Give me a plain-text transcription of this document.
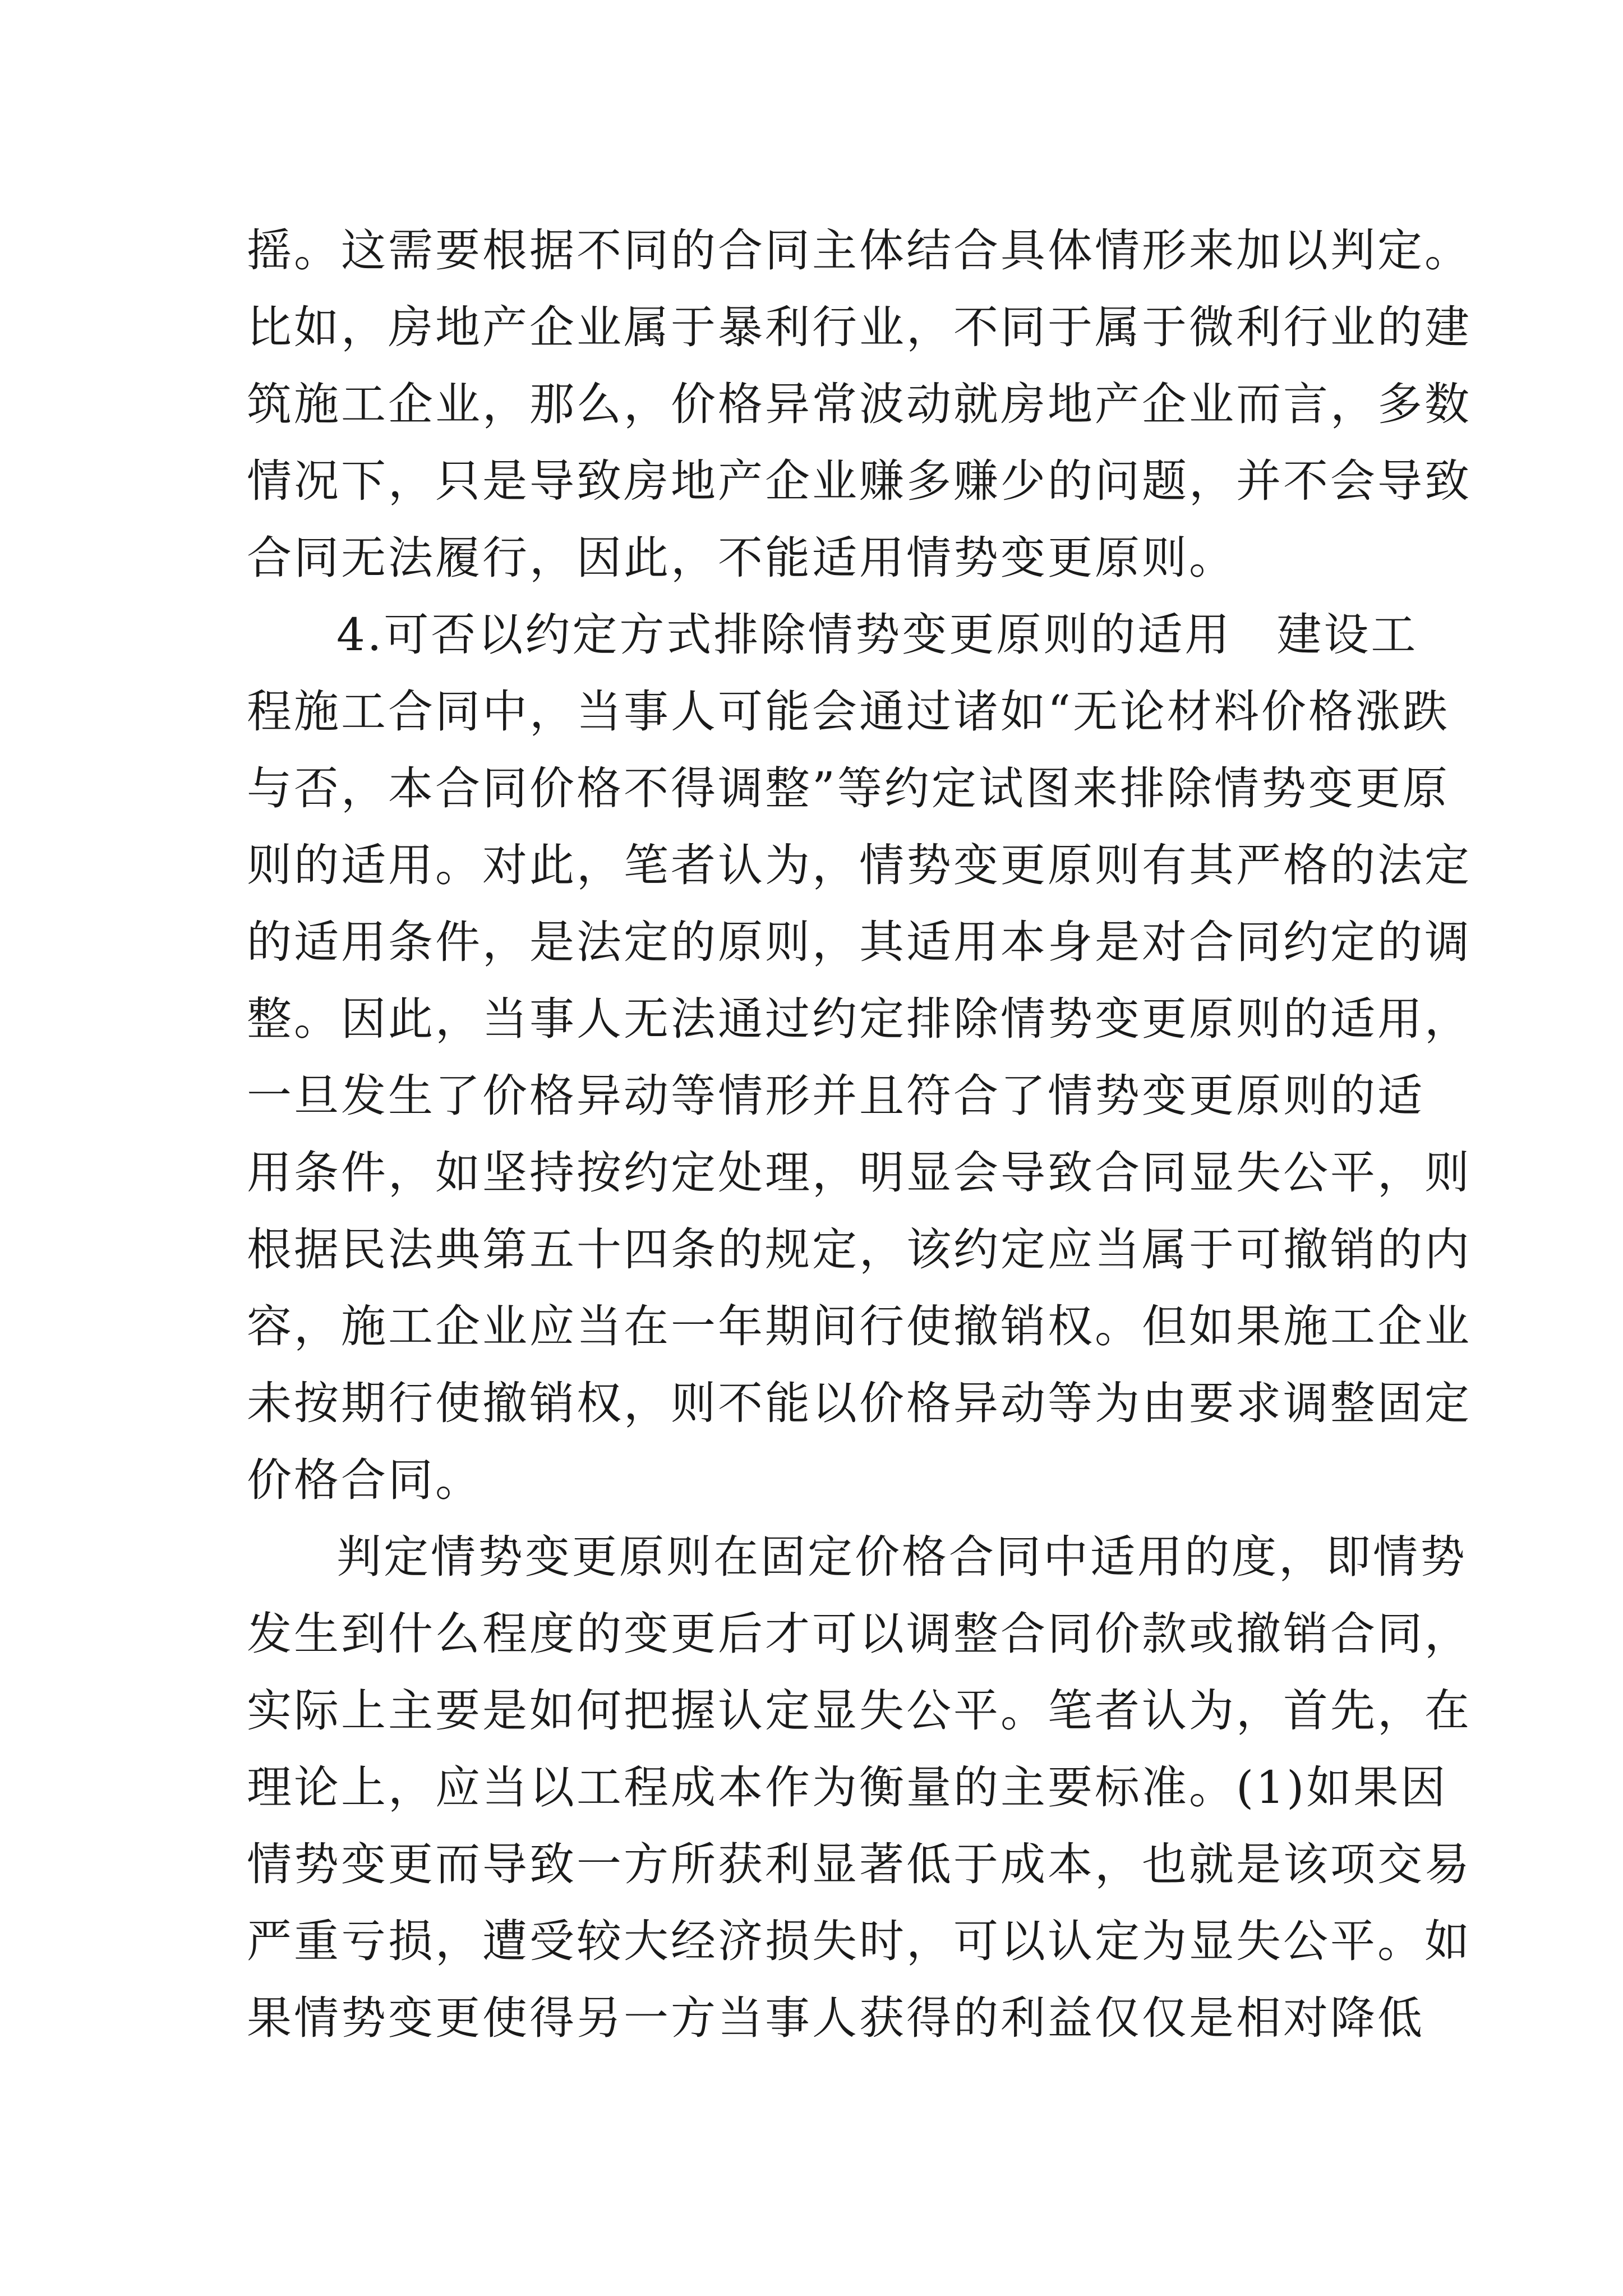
摇。这需要根据不同的合同主体结合具体情形来加以判定。
比如，房地产企业属于暴利行业，不同于属于微利行业的建
筑施工企业，那么，价格异常波动就房地产企业而言，多数
情况下，只是导致房地产企业赚多赚少的问题，并不会导致
合同无法履行，因此，不能适用情势变更原则。
4.可否以约定方式排除情势变更原则的适用 建设工
程施工合同中，当事人可能会通过诸如“无论材料价格涨跌
与否，本合同价格不得调整”等约定试图来排除情势变更原
则的适用。对此，笔者认为，情势变更原则有其严格的法定
的适用条件，是法定的原则，其适用本身是对合同约定的调
整。因此，当事人无法通过约定排除情势变更原则的适用，
一旦发生了价格异动等情形并且符合了情势变更原则的适
用条件，如坚持按约定处理，明显会导致合同显失公平，则
根据民法典第五十四条的规定，该约定应当属于可撤销的内
容，施工企业应当在一年期间行使撤销权。但如果施工企业
未按期行使撤销权，则不能以价格异动等为由要求调整固定
价格合同。
判定情势变更原则在固定价格合同中适用的度，即情势
发生到什么程度的变更后才可以调整合同价款或撤销合同，
实际上主要是如何把握认定显失公平。笔者认为，首先，在
理论上，应当以工程成本作为衡量的主要标准。(1)如果因
情势变更而导致一方所获利显著低于成本，也就是该项交易
严重亏损，遭受较大经济损失时，可以认定为显失公平。如
果情势变更使得另一方当事人获得的利益仅仅是相对降低
